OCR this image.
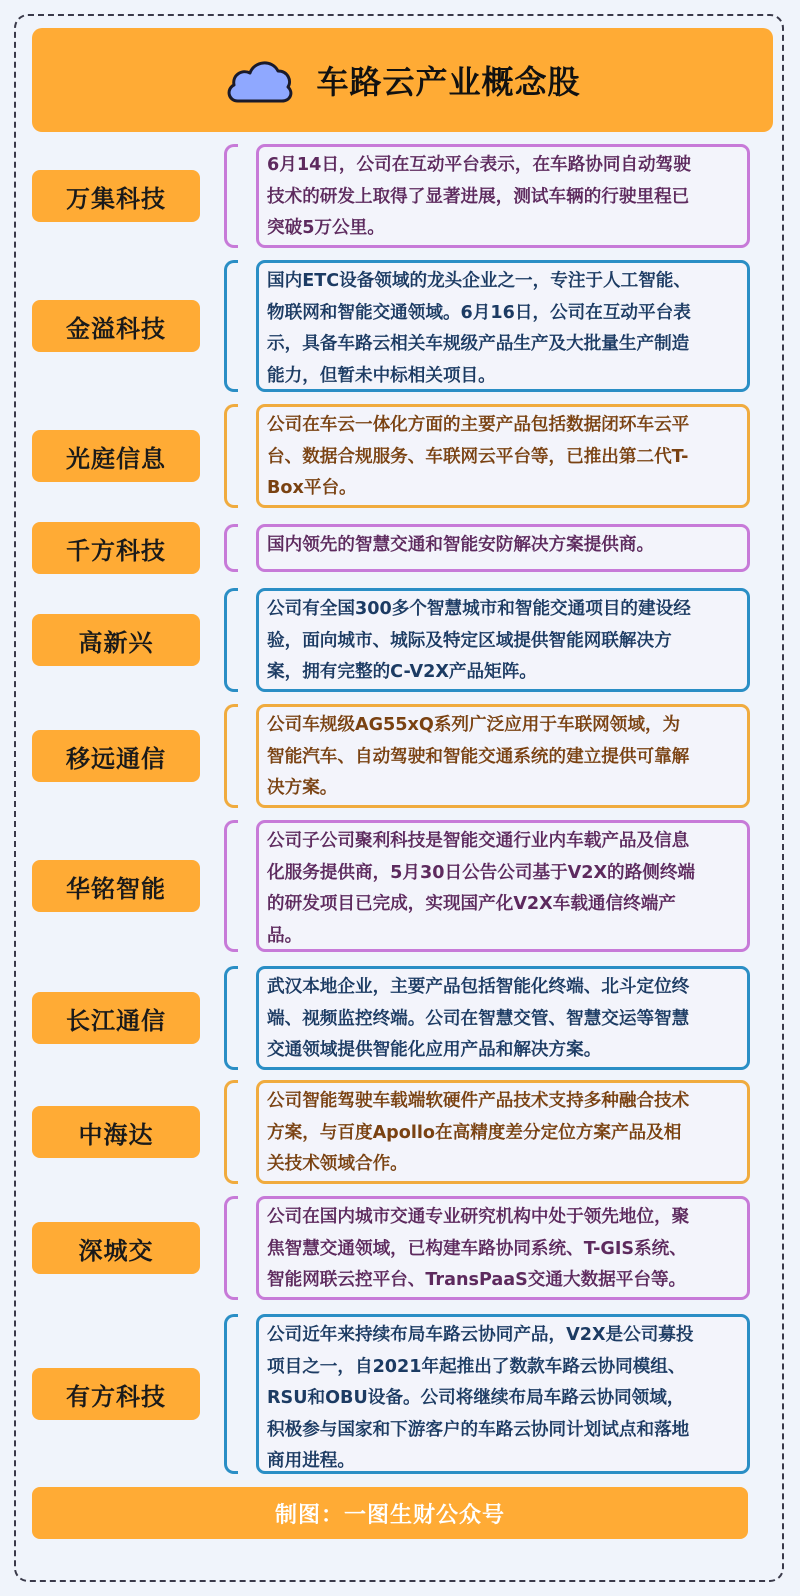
车路云产业概念股
万集科技
6月14日，公司在互动平台表示，在车路协同自动驾驶
技术的研发上取得了显著进展，测试车辆的行驶里程已
突破5万公里。
金溢科技
国内ETC设备领域的龙头企业之一，专注于人工智能、
物联网和智能交通领域。6月16日，公司在互动平台表
示，具备车路云相关车规级产品生产及大批量生产制造
能力，但暂未中标相关项目。
光庭信息
公司在车云一体化方面的主要产品包括数据闭环车云平
台、数据合规服务、车联网云平台等，已推出第二代T-
Box平台。
千方科技	国内领先的智慧交通和智能安防解决方案提供商。
高新兴
公司有全国300多个智慧城市和智能交通项目的建设经
验，面向城市、城际及特定区域提供智能网联解决方
案，拥有完整的C-V2X产品矩阵。
移远通信
公司车规级AG55xQ系列广泛应用于车联网领域，为
智能汽车、自动驾驶和智能交通系统的建立提供可靠解
决方案。
华铭智能
公司子公司聚利科技是智能交通行业内车载产品及信息
化服务提供商，5月30日公告公司基于V2X的路侧终端
的研发项目已完成，实现国产化V2X车载通信终端产
品。
长江通信
武汉本地企业，主要产品包括智能化终端、北斗定位终
端、视频监控终端。公司在智慧交管、智慧交运等智慧
交通领域提供智能化应用产品和解决方案。
中海达
公司智能驾驶车载端软硬件产品技术支持多种融合技术
方案，与百度Apollo在高精度差分定位方案产品及相
关技术领域合作。
深城交
公司在国内城市交通专业研究机构中处于领先地位，聚
焦智慧交通领域，已构建车路协同系统、T-GIS系统、
智能网联云控平台、TransPaaS交通大数据平台等。
有方科技
公司近年来持续布局车路云协同产品，V2X是公司募投
项目之一，自2021年起推出了数款车路云协同模组、
RSU和OBU设备。公司将继续布局车路云协同领域，
积极参与国家和下游客户的车路云协同计划试点和落地
商用进程。
制图：一图生财公众号
